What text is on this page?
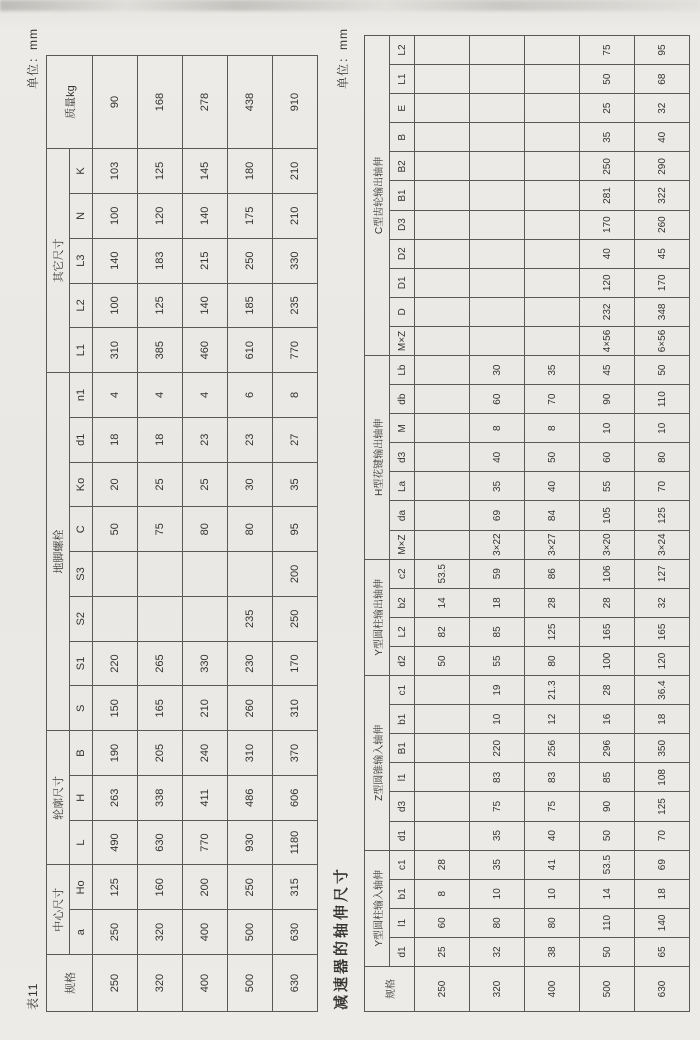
表11
单位：mm
规格	中心尺寸		轮廓尺寸			地脚螺栓								其它尺寸					质量kg
	a	Ho	L	H	B	S	S1	S2	S3	C	Ko	d1	n1	L1	L2	L3	N	K	
250	250	125	490	263	190	150	220			50	20	18	4	310	100	140	100	103	90
320	320	160	630	338	205	165	265			75	25	18	4	385	125	183	120	125	168
400	400	200	770	411	240	210	330			80	25	23	4	460	140	215	140	145	278
500	500	250	930	486	310	260	230	235		80	30	23	6	610	185	250	175	180	438
630	630	315	1180	606	370	310	170	250	200	95	35	27	8	770	235	330	210	210	910
减速器的轴伸尺寸
单位：mm
规格	Y型圆柱输入轴伸				Z型圆锥输入轴伸						Y型圆柱输出轴伸				H型花键输出轴伸							C型齿轮输出轴伸										
	d1	l1	b1	c1	d1	d3	l1	B1	b1	c1	d2	L2	b2	c2	M×Z	da	La	d3	M	db	Lb	M×Z	D	D1	D2	D3	B1	B2	B	E	L1	L2
250	25	60	8	28							50	82	14	53.5																		
320	32	80	10	35	35	75	83	220	10	19	55	85	18	59	3×22	69	35	40	8	60	30											
400	38	80	10	41	40	75	83	256	12	21.3	80	125	28	86	3×27	84	40	50	8	70	35											
500	50	110	14	53.5	50	90	85	296	16	28	100	165	28	106	3×20	105	55	60	10	90	45	4×56	232	120	40	170	281	250	35	25	50	75
630	65	140	18	69	70	125	108	350	18	36.4	120	165	32	127	3×24	125	70	80	10	110	50	6×56	348	170	45	260	322	290	40	32	68	95
